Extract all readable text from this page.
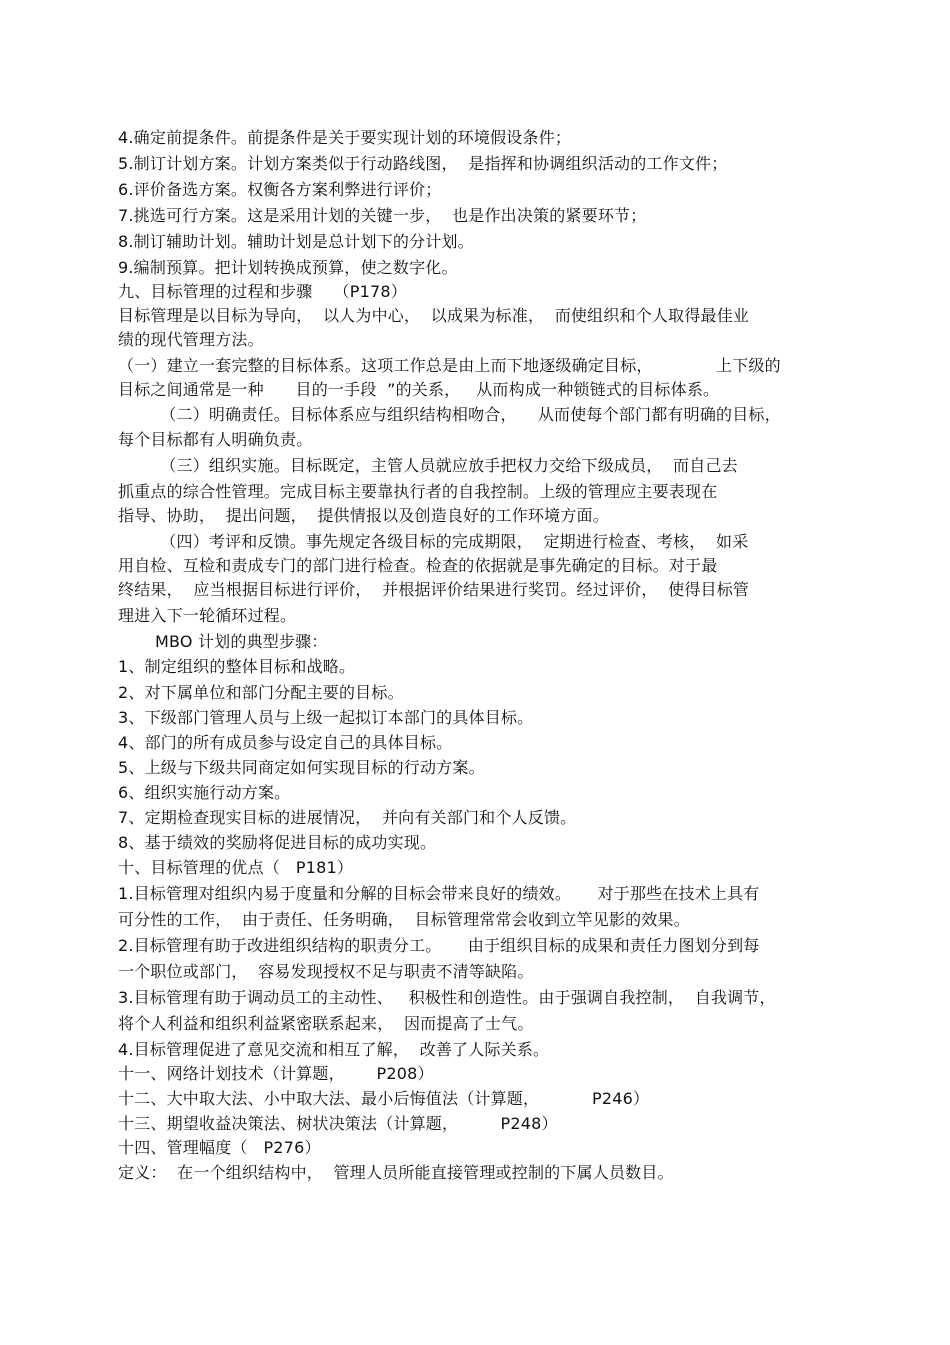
4.确定前提条件。前提条件是关于要实现计划的环境假设条件；
5.制订计划方案。计划方案类似于行动路线图，  是指挥和协调组织活动的工作文件；
6.评价备选方案。权衡各方案利弊进行评价；
7.挑选可行方案。这是采用计划的关键一步，  也是作出决策的紧要环节；
8.制订辅助计划。辅助计划是总计划下的分计划。
9.编制预算。把计划转换成预算，使之数字化。
九、目标管理的过程和步骤    （P178）
目标管理是以目标为导向，  以人为中心，  以成果为标准，  而使组织和个人取得最佳业
绩的现代管理方法。
（一）建立一套完整的目标体系。这项工作总是由上而下地逐级确定目标，            上下级的
目标之间通常是一种      目的一手段  ”的关系，   从而构成一种锁链式的目标体系。
（二）明确责任。目标体系应与组织结构相吻合，    从而使每个部门都有明确的目标，
每个目标都有人明确负责。
（三）组织实施。目标既定，主管人员就应放手把权力交给下级成员，  而自己去
抓重点的综合性管理。完成目标主要靠执行者的自我控制。上级的管理应主要表现在
指导、协助，  提出问题，  提供情报以及创造良好的工作环境方面。
（四）考评和反馈。事先规定各级目标的完成期限，  定期进行检查、考核，  如采
用自检、互检和责成专门的部门进行检查。检查的依据就是事先确定的目标。对于最
终结果，  应当根据目标进行评价，  并根据评价结果进行奖罚。经过评价，  使得目标管
理进入下一轮循环过程。
MBO 计划的典型步骤：
1、制定组织的整体目标和战略。
2、对下属单位和部门分配主要的目标。
3、下级部门管理人员与上级一起拟订本部门的具体目标。
4、部门的所有成员参与设定自己的具体目标。
5、上级与下级共同商定如何实现目标的行动方案。
6、组织实施行动方案。
7、定期检查现实目标的进展情况，  并向有关部门和个人反馈。
8、基于绩效的奖励将促进目标的成功实现。
十、目标管理的优点（   P181）
1.目标管理对组织内易于度量和分解的目标会带来良好的绩效。     对于那些在技术上具有
可分性的工作，  由于责任、任务明确，  目标管理常常会收到立竿见影的效果。
2.目标管理有助于改进组织结构的职责分工。     由于组织目标的成果和责任力图划分到每
一个职位或部门，  容易发现授权不足与职责不清等缺陷。
3.目标管理有助于调动员工的主动性、   积极性和创造性。由于强调自我控制，  自我调节，
将个人利益和组织利益紧密联系起来，  因而提高了士气。
4.目标管理促进了意见交流和相互了解，  改善了人际关系。
十一、网络计划技术（计算题，      P208）
十二、大中取大法、小中取大法、最小后悔值法（计算题，          P246）
十三、期望收益决策法、树状决策法（计算题，        P248）
十四、管理幅度（   P276）
定义：  在一个组织结构中，  管理人员所能直接管理或控制的下属人员数目。
